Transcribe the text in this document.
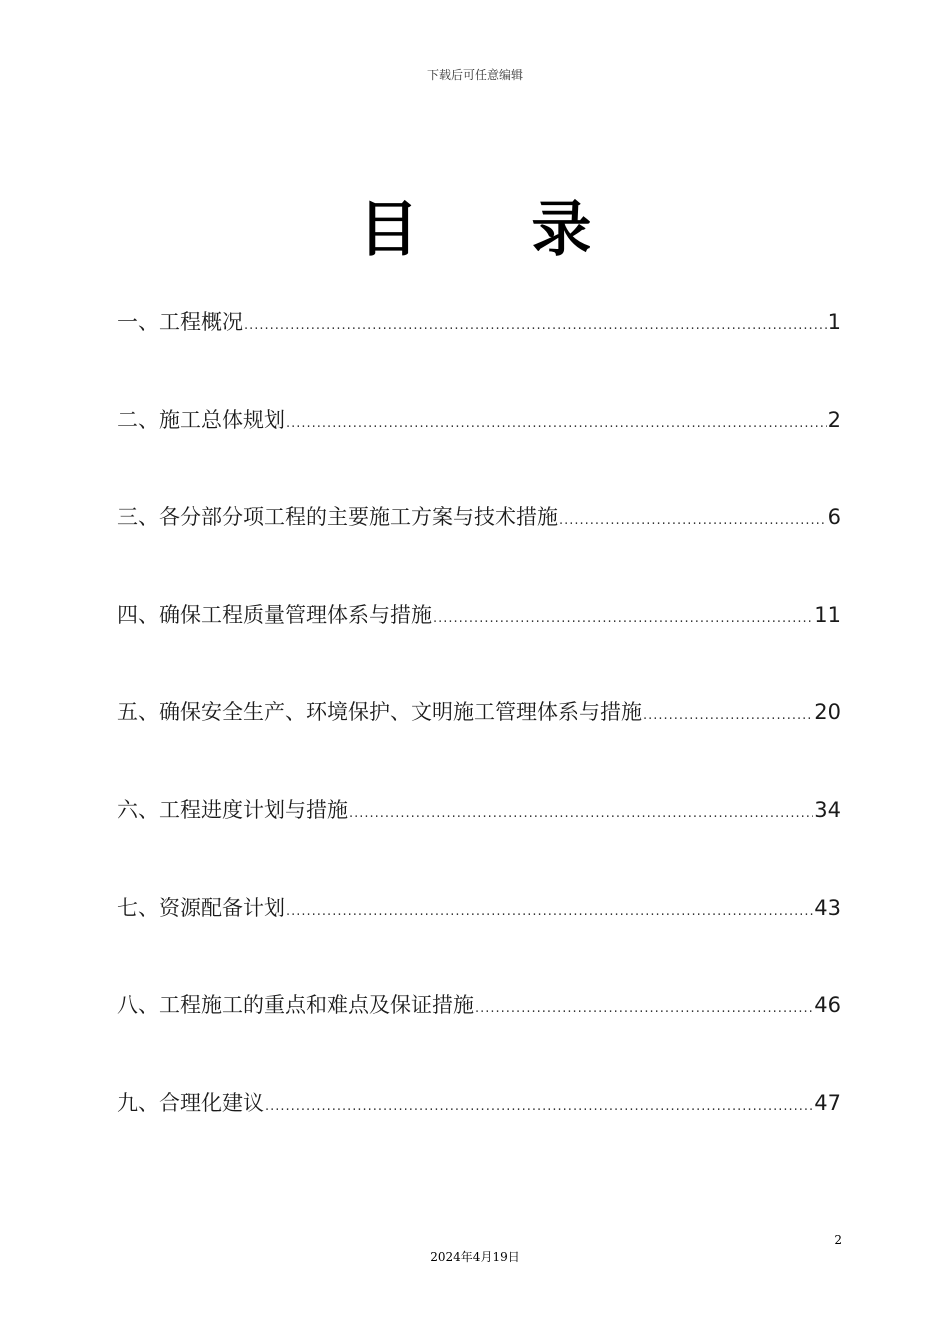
下载后可任意编辑
目 录
一、工程概况 .....	1
二、施工总体规划 .....	2
三、各分部分项工程的主要施工方案与技术措施 .....	6
四、确保工程质量管理体系与措施 .....	11
五、确保安全生产、环境保护、文明施工管理体系与措施 .....	20
六、工程进度计划与措施 .....	34
七、资源配备计划 .....	43
八、工程施工的重点和难点及保证措施 .....	46
九、合理化建议 .....	47
2
2024年4月19日
